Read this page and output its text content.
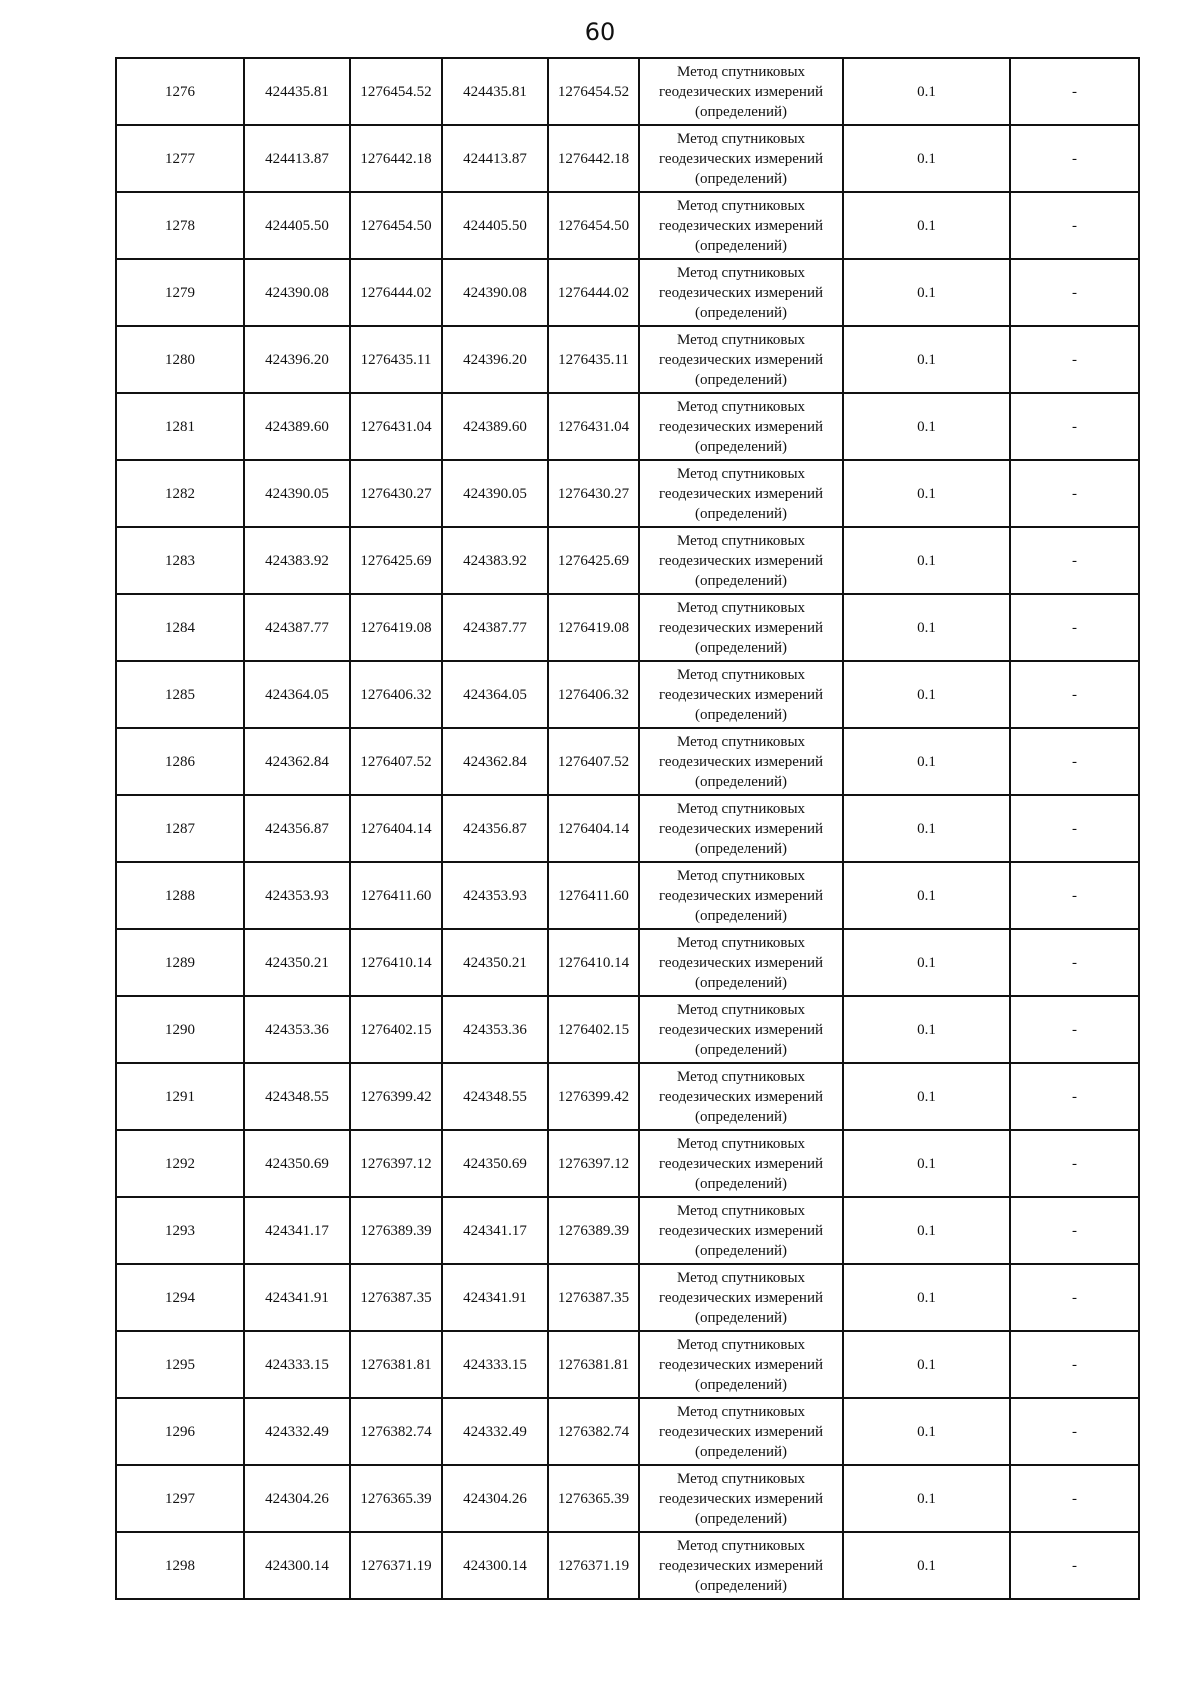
60
1276	424435.81	1276454.52	424435.81	1276454.52	Метод спутниковых
геодезических измерений
(определений)	0.1	-
1277	424413.87	1276442.18	424413.87	1276442.18	Метод спутниковых
геодезических измерений
(определений)	0.1	-
1278	424405.50	1276454.50	424405.50	1276454.50	Метод спутниковых
геодезических измерений
(определений)	0.1	-
1279	424390.08	1276444.02	424390.08	1276444.02	Метод спутниковых
геодезических измерений
(определений)	0.1	-
1280	424396.20	1276435.11	424396.20	1276435.11	Метод спутниковых
геодезических измерений
(определений)	0.1	-
1281	424389.60	1276431.04	424389.60	1276431.04	Метод спутниковых
геодезических измерений
(определений)	0.1	-
1282	424390.05	1276430.27	424390.05	1276430.27	Метод спутниковых
геодезических измерений
(определений)	0.1	-
1283	424383.92	1276425.69	424383.92	1276425.69	Метод спутниковых
геодезических измерений
(определений)	0.1	-
1284	424387.77	1276419.08	424387.77	1276419.08	Метод спутниковых
геодезических измерений
(определений)	0.1	-
1285	424364.05	1276406.32	424364.05	1276406.32	Метод спутниковых
геодезических измерений
(определений)	0.1	-
1286	424362.84	1276407.52	424362.84	1276407.52	Метод спутниковых
геодезических измерений
(определений)	0.1	-
1287	424356.87	1276404.14	424356.87	1276404.14	Метод спутниковых
геодезических измерений
(определений)	0.1	-
1288	424353.93	1276411.60	424353.93	1276411.60	Метод спутниковых
геодезических измерений
(определений)	0.1	-
1289	424350.21	1276410.14	424350.21	1276410.14	Метод спутниковых
геодезических измерений
(определений)	0.1	-
1290	424353.36	1276402.15	424353.36	1276402.15	Метод спутниковых
геодезических измерений
(определений)	0.1	-
1291	424348.55	1276399.42	424348.55	1276399.42	Метод спутниковых
геодезических измерений
(определений)	0.1	-
1292	424350.69	1276397.12	424350.69	1276397.12	Метод спутниковых
геодезических измерений
(определений)	0.1	-
1293	424341.17	1276389.39	424341.17	1276389.39	Метод спутниковых
геодезических измерений
(определений)	0.1	-
1294	424341.91	1276387.35	424341.91	1276387.35	Метод спутниковых
геодезических измерений
(определений)	0.1	-
1295	424333.15	1276381.81	424333.15	1276381.81	Метод спутниковых
геодезических измерений
(определений)	0.1	-
1296	424332.49	1276382.74	424332.49	1276382.74	Метод спутниковых
геодезических измерений
(определений)	0.1	-
1297	424304.26	1276365.39	424304.26	1276365.39	Метод спутниковых
геодезических измерений
(определений)	0.1	-
1298	424300.14	1276371.19	424300.14	1276371.19	Метод спутниковых
геодезических измерений
(определений)	0.1	-
